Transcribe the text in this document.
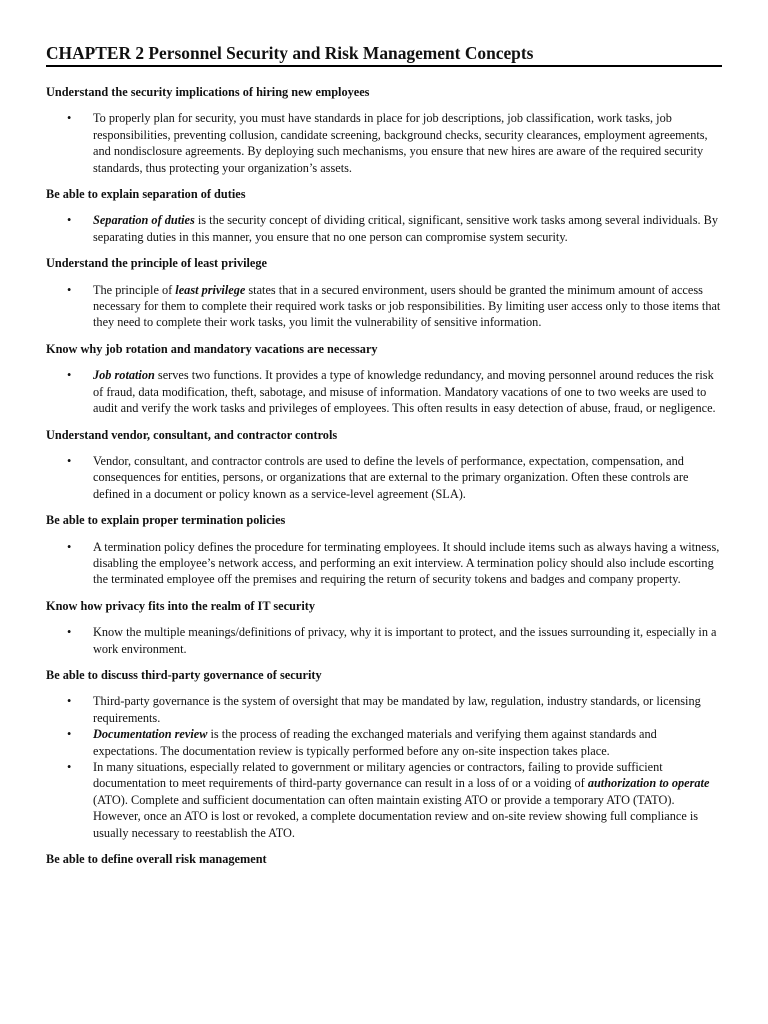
CHAPTER 2 Personnel Security and Risk Management Concepts

Understand the security implications of hiring new employees

• To properly plan for security, you must have standards in place for job descriptions, job classification, work tasks, job responsibilities, preventing collusion, candidate screening, background checks, security clearances, employment agreements, and nondisclosure agreements. By deploying such mechanisms, you ensure that new hires are aware of the required security standards, thus protecting your organization’s assets.

Be able to explain separation of duties

• Separation of duties is the security concept of dividing critical, significant, sensitive work tasks among several individuals. By separating duties in this manner, you ensure that no one person can compromise system security.

Understand the principle of least privilege

• The principle of least privilege states that in a secured environment, users should be granted the minimum amount of access necessary for them to complete their required work tasks or job responsibilities. By limiting user access only to those items that they need to complete their work tasks, you limit the vulnerability of sensitive information.

Know why job rotation and mandatory vacations are necessary

• Job rotation serves two functions. It provides a type of knowledge redundancy, and moving personnel around reduces the risk of fraud, data modification, theft, sabotage, and misuse of information. Mandatory vacations of one to two weeks are used to audit and verify the work tasks and privileges of employees. This often results in easy detection of abuse, fraud, or negligence.

Understand vendor, consultant, and contractor controls

• Vendor, consultant, and contractor controls are used to define the levels of performance, expectation, compensation, and consequences for entities, persons, or organizations that are external to the primary organization. Often these controls are defined in a document or policy known as a service-level agreement (SLA).

Be able to explain proper termination policies

• A termination policy defines the procedure for terminating employees. It should include items such as always having a witness, disabling the employee’s network access, and performing an exit interview. A termination policy should also include escorting the terminated employee off the premises and requiring the return of security tokens and badges and company property.

Know how privacy fits into the realm of IT security

• Know the multiple meanings/definitions of privacy, why it is important to protect, and the issues surrounding it, especially in a work environment.

Be able to discuss third-party governance of security

• Third-party governance is the system of oversight that may be mandated by law, regulation, industry standards, or licensing requirements.
• Documentation review is the process of reading the exchanged materials and verifying them against standards and expectations. The documentation review is typically performed before any on-site inspection takes place.
• In many situations, especially related to government or military agencies or contractors, failing to provide sufficient documentation to meet requirements of third-party governance can result in a loss of or a voiding of authorization to operate (ATO). Complete and sufficient documentation can often maintain existing ATO or provide a temporary ATO (TATO). However, once an ATO is lost or revoked, a complete documentation review and on-site review showing full compliance is usually necessary to reestablish the ATO.

Be able to define overall risk management
